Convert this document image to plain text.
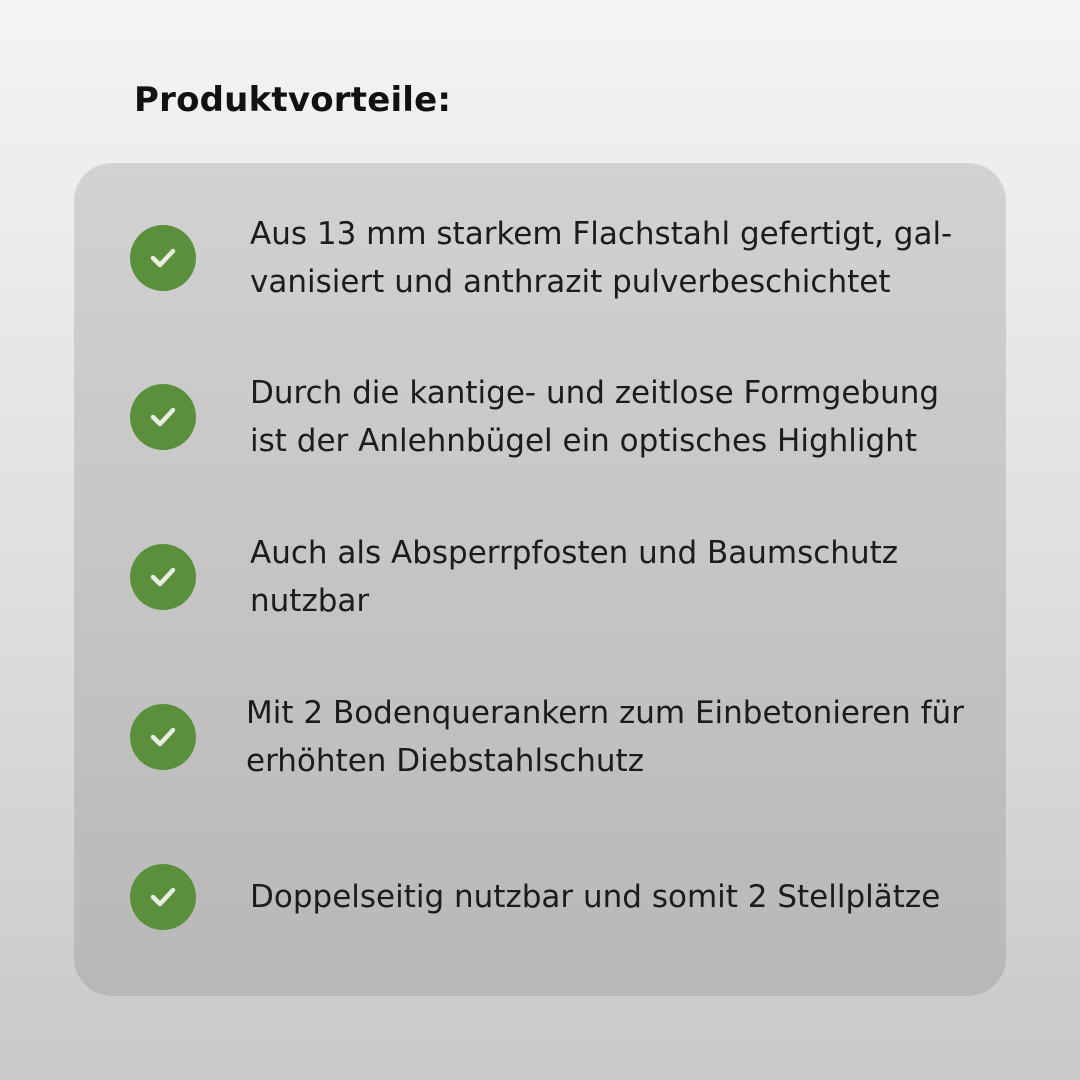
Produktvorteile:
Aus 13 mm starkem Flachstahl gefertigt, gal-
vanisiert und anthrazit pulverbeschichtet
Durch die kantige- und zeitlose Formgebung
ist der Anlehnbügel ein optisches Highlight
Auch als Absperrpfosten und Baumschutz
nutzbar
Mit 2 Bodenquerankern zum Einbetonieren für
erhöhten Diebstahlschutz
Doppelseitig nutzbar und somit 2 Stellplätze
